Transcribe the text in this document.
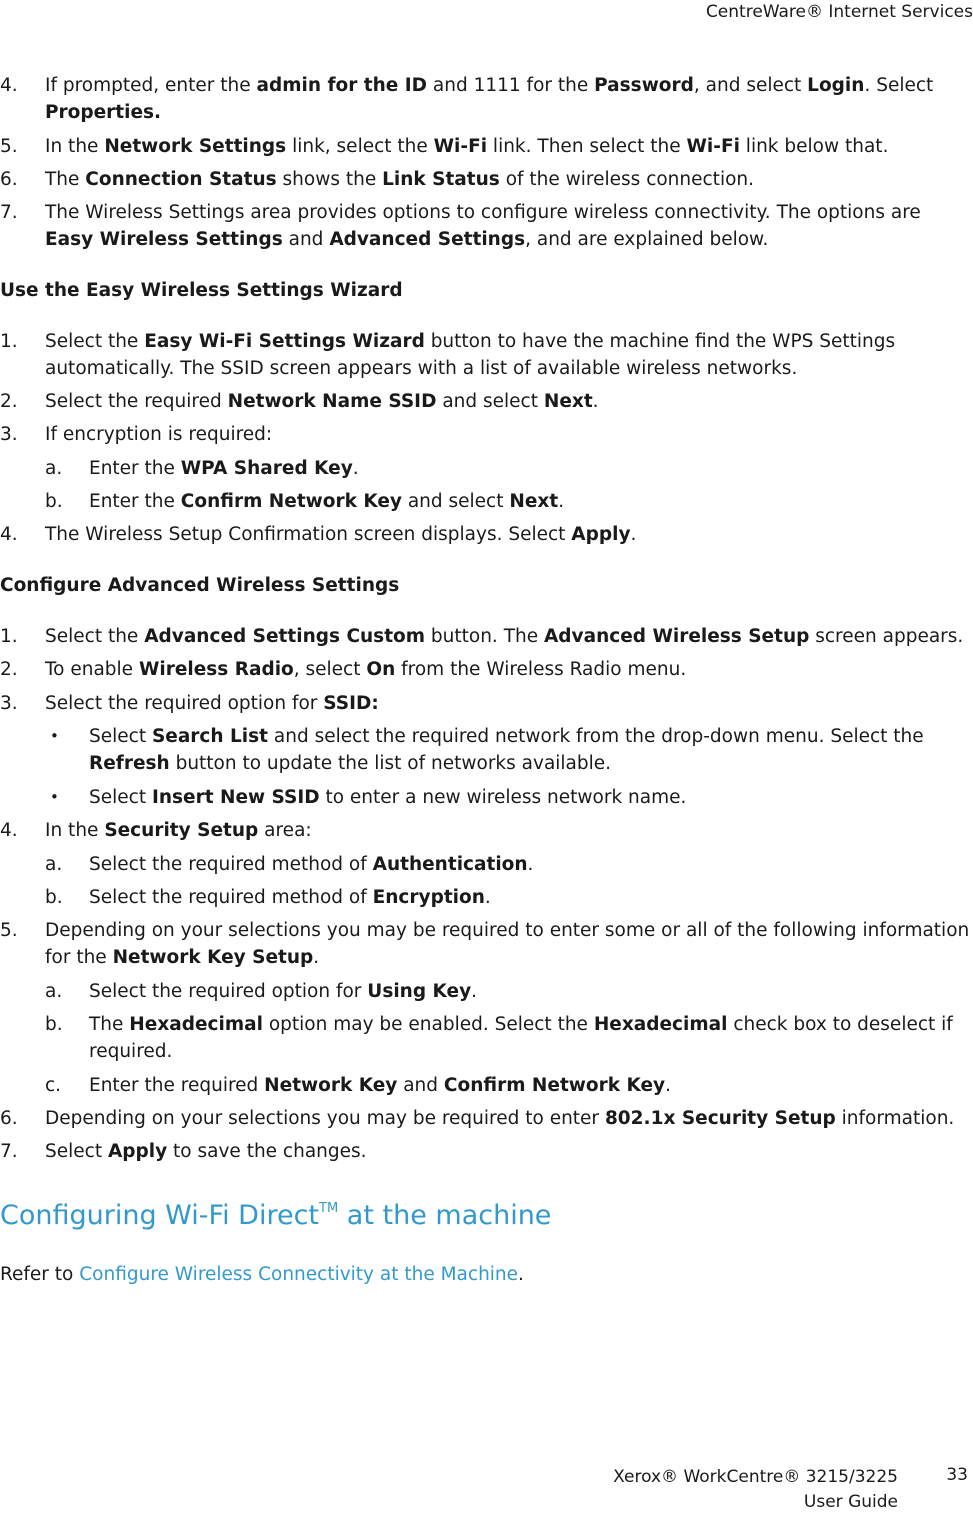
CentreWare® Internet Services
4. If prompted, enter the admin for the ID and 1111 for the Password, and select Login. Select Properties.
5. In the Network Settings link, select the Wi-Fi link. Then select the Wi-Fi link below that.
6. The Connection Status shows the Link Status of the wireless connection.
7. The Wireless Settings area provides options to configure wireless connectivity. The options are Easy Wireless Settings and Advanced Settings, and are explained below.
Use the Easy Wireless Settings Wizard
1. Select the Easy Wi-Fi Settings Wizard button to have the machine find the WPS Settings automatically. The SSID screen appears with a list of available wireless networks.
2. Select the required Network Name SSID and select Next.
3. If encryption is required:
a. Enter the WPA Shared Key.
b. Enter the Confirm Network Key and select Next.
4. The Wireless Setup Confirmation screen displays. Select Apply.
Configure Advanced Wireless Settings
1. Select the Advanced Settings Custom button. The Advanced Wireless Setup screen appears.
2. To enable Wireless Radio, select On from the Wireless Radio menu.
3. Select the required option for SSID:
• Select Search List and select the required network from the drop-down menu. Select the Refresh button to update the list of networks available.
• Select Insert New SSID to enter a new wireless network name.
4. In the Security Setup area:
a. Select the required method of Authentication.
b. Select the required method of Encryption.
5. Depending on your selections you may be required to enter some or all of the following information for the Network Key Setup.
a. Select the required option for Using Key.
b. The Hexadecimal option may be enabled. Select the Hexadecimal check box to deselect if required.
c. Enter the required Network Key and Confirm Network Key.
6. Depending on your selections you may be required to enter 802.1x Security Setup information.
7. Select Apply to save the changes.
Configuring Wi-Fi Direct™ at the machine
Refer to Configure Wireless Connectivity at the Machine.
Xerox® WorkCentre® 3215/3225
User Guide
33
